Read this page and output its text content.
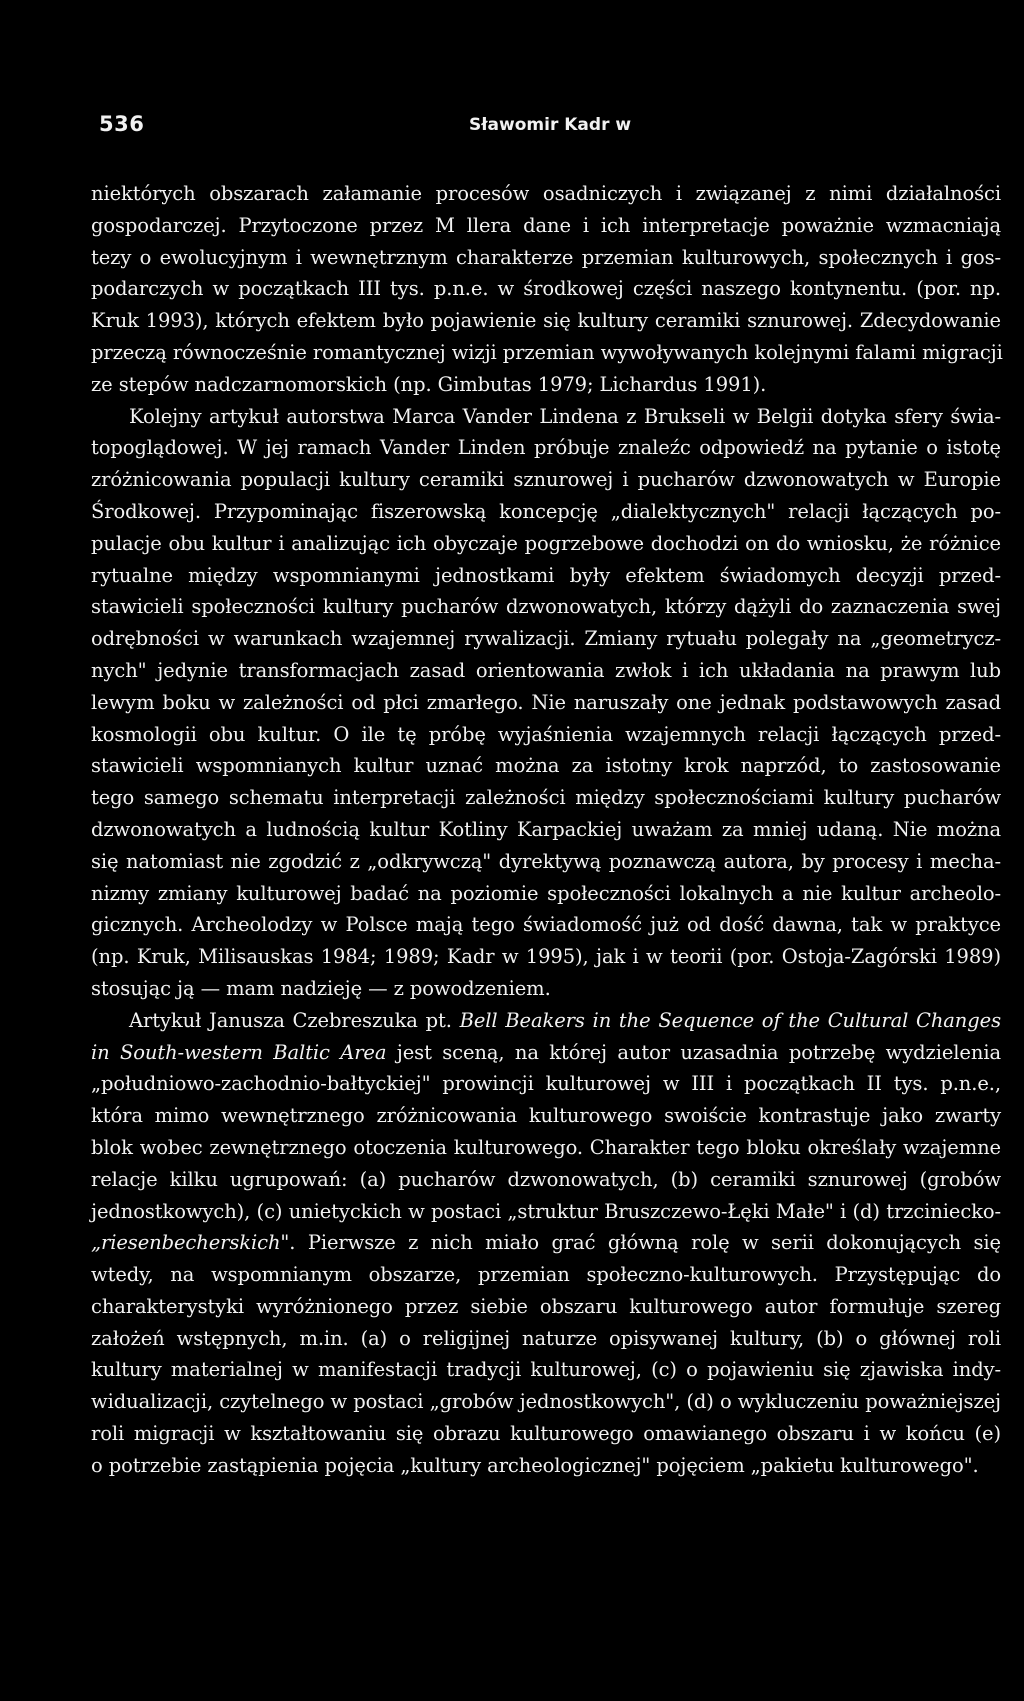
536	Sławomir Kadr w
niektórych obszarach załamanie procesów osadniczych i związanej z nimi działalności
gospodarczej. Przytoczone przez M llera dane i ich interpretacje poważnie wzmacniają
tezy o ewolucyjnym i wewnętrznym charakterze przemian kulturowych, społecznych i gos-
podarczych w początkach III tys. p.n.e. w środkowej części naszego kontynentu. (por. np.
Kruk 1993), których efektem było pojawienie się kultury ceramiki sznurowej. Zdecydowanie
przeczą równocześnie romantycznej wizji przemian wywoływanych kolejnymi falami migracji
ze stepów nadczarnomorskich (np. Gimbutas 1979; Lichardus 1991).
Kolejny artykuł autorstwa Marca Vander Lindena z Brukseli w Belgii dotyka sfery świa-
topoglądowej. W jej ramach Vander Linden próbuje znaleźc odpowiedź na pytanie o istotę
zróżnicowania populacji kultury ceramiki sznurowej i pucharów dzwonowatych w Europie
Środkowej. Przypominając fiszerowską koncepcję „dialektycznych" relacji łączących po-
pulacje obu kultur i analizując ich obyczaje pogrzebowe dochodzi on do wniosku, że różnice
rytualne między wspomnianymi jednostkami były efektem świadomych decyzji przed-
stawicieli społeczności kultury pucharów dzwonowatych, którzy dążyli do zaznaczenia swej
odrębności w warunkach wzajemnej rywalizacji. Zmiany rytuału polegały na „geometrycz-
nych" jedynie transformacjach zasad orientowania zwłok i ich układania na prawym lub
lewym boku w zależności od płci zmarłego. Nie naruszały one jednak podstawowych zasad
kosmologii obu kultur. O ile tę próbę wyjaśnienia wzajemnych relacji łączących przed-
stawicieli wspomnianych kultur uznać można za istotny krok naprzód, to zastosowanie
tego samego schematu interpretacji zależności między społecznościami kultury pucharów
dzwonowatych a ludnością kultur Kotliny Karpackiej uważam za mniej udaną. Nie można
się natomiast nie zgodzić z „odkrywczą" dyrektywą poznawczą autora, by procesy i mecha-
nizmy zmiany kulturowej badać na poziomie społeczności lokalnych a nie kultur archeolo-
gicznych. Archeolodzy w Polsce mają tego świadomość już od dość dawna, tak w praktyce
(np. Kruk, Milisauskas 1984; 1989; Kadr w 1995), jak i w teorii (por. Ostoja-Zagórski 1989)
stosując ją — mam nadzieję — z powodzeniem.
Artykuł Janusza Czebreszuka pt. Bell Beakers in the Sequence of the Cultural Changes
in South-western Baltic Area jest sceną, na której autor uzasadnia potrzebę wydzielenia
„południowo-zachodnio-bałtyckiej" prowincji kulturowej w III i początkach II tys. p.n.e.,
która mimo wewnętrznego zróżnicowania kulturowego swoiście kontrastuje jako zwarty
blok wobec zewnętrznego otoczenia kulturowego. Charakter tego bloku określały wzajemne
relacje kilku ugrupowań: (a) pucharów dzwonowatych, (b) ceramiki sznurowej (grobów
jednostkowych), (c) unietyckich w postaci „struktur Bruszczewo-Łęki Małe" i (d) trzciniecko-
„riesenbecherskich". Pierwsze z nich miało grać główną rolę w serii dokonujących się
wtedy, na wspomnianym obszarze, przemian społeczno-kulturowych. Przystępując do
charakterystyki wyróżnionego przez siebie obszaru kulturowego autor formułuje szereg
założeń wstępnych, m.in. (a) o religijnej naturze opisywanej kultury, (b) o głównej roli
kultury materialnej w manifestacji tradycji kulturowej, (c) o pojawieniu się zjawiska indy-
widualizacji, czytelnego w postaci „grobów jednostkowych", (d) o wykluczeniu poważniejszej
roli migracji w kształtowaniu się obrazu kulturowego omawianego obszaru i w końcu (e)
o potrzebie zastąpienia pojęcia „kultury archeologicznej" pojęciem „pakietu kulturowego".
